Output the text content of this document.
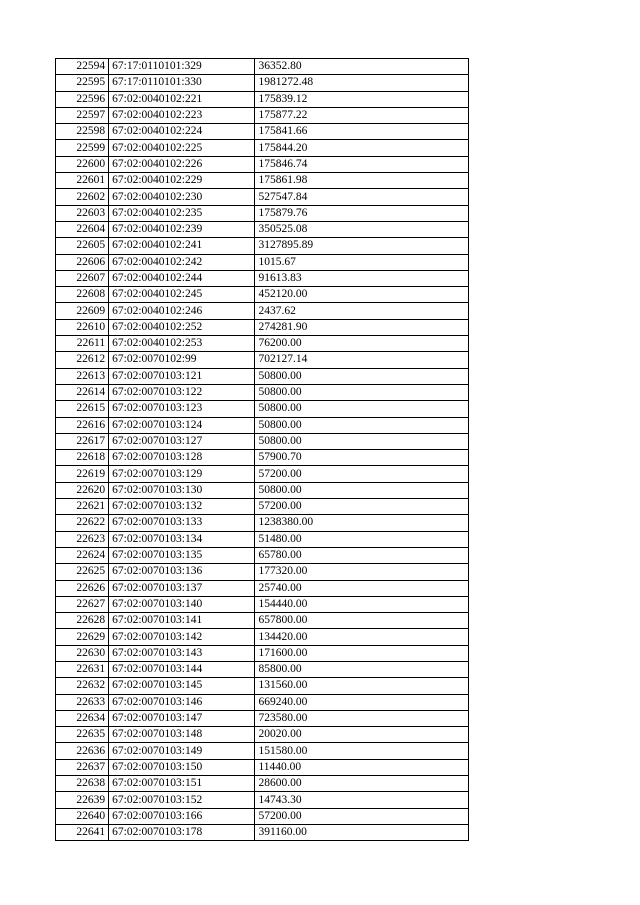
22594	67:17:0110101:329	36352.80
22595	67:17:0110101:330	1981272.48
22596	67:02:0040102:221	175839.12
22597	67:02:0040102:223	175877.22
22598	67:02:0040102:224	175841.66
22599	67:02:0040102:225	175844.20
22600	67:02:0040102:226	175846.74
22601	67:02:0040102:229	175861.98
22602	67:02:0040102:230	527547.84
22603	67:02:0040102:235	175879.76
22604	67:02:0040102:239	350525.08
22605	67:02:0040102:241	3127895.89
22606	67:02:0040102:242	1015.67
22607	67:02:0040102:244	91613.83
22608	67:02:0040102:245	452120.00
22609	67:02:0040102:246	2437.62
22610	67:02:0040102:252	274281.90
22611	67:02:0040102:253	76200.00
22612	67:02:0070102:99	702127.14
22613	67:02:0070103:121	50800.00
22614	67:02:0070103:122	50800.00
22615	67:02:0070103:123	50800.00
22616	67:02:0070103:124	50800.00
22617	67:02:0070103:127	50800.00
22618	67:02:0070103:128	57900.70
22619	67:02:0070103:129	57200.00
22620	67:02:0070103:130	50800.00
22621	67:02:0070103:132	57200.00
22622	67:02:0070103:133	1238380.00
22623	67:02:0070103:134	51480.00
22624	67:02:0070103:135	65780.00
22625	67:02:0070103:136	177320.00
22626	67:02:0070103:137	25740.00
22627	67:02:0070103:140	154440.00
22628	67:02:0070103:141	657800.00
22629	67:02:0070103:142	134420.00
22630	67:02:0070103:143	171600.00
22631	67:02:0070103:144	85800.00
22632	67:02:0070103:145	131560.00
22633	67:02:0070103:146	669240.00
22634	67:02:0070103:147	723580.00
22635	67:02:0070103:148	20020.00
22636	67:02:0070103:149	151580.00
22637	67:02:0070103:150	11440.00
22638	67:02:0070103:151	28600.00
22639	67:02:0070103:152	14743.30
22640	67:02:0070103:166	57200.00
22641	67:02:0070103:178	391160.00
